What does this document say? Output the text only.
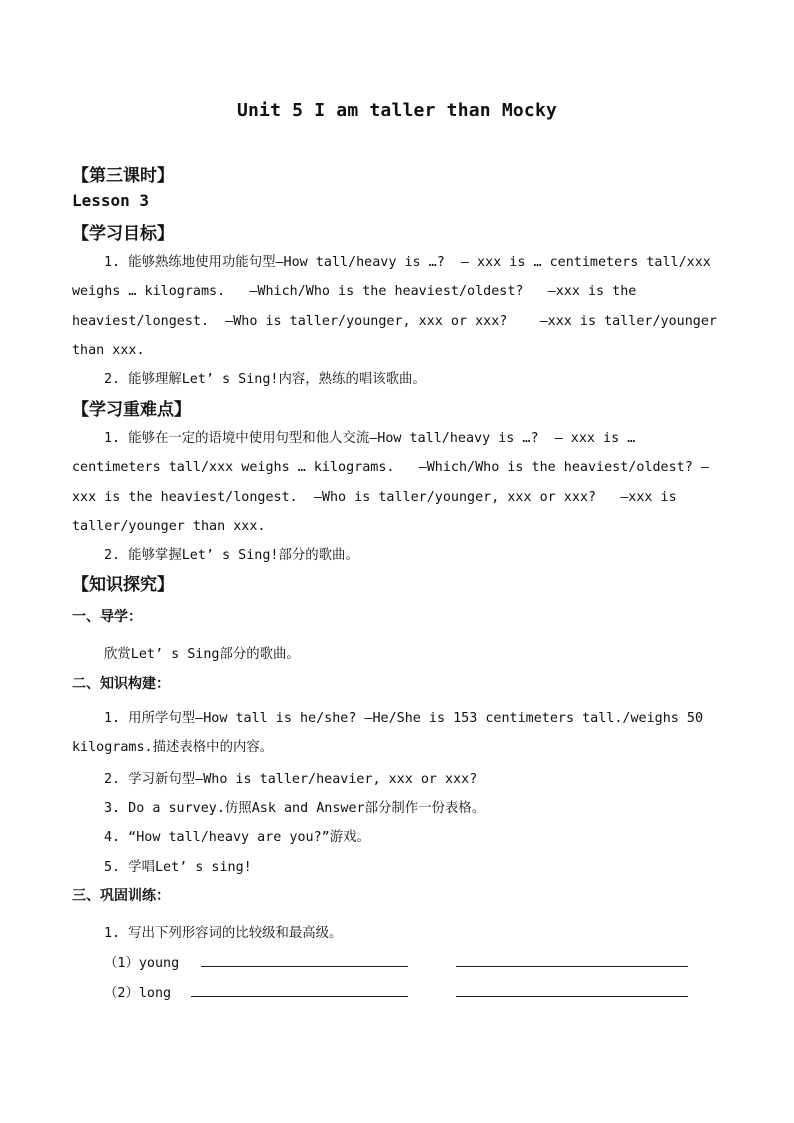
Unit 5 I am taller than Mocky
【第三课时】
Lesson 3
【学习目标】

1. 能够熟练地使用功能句型—How tall/heavy is …?  — xxx is … centimeters tall/xxx weighs … kilograms.   —Which/Who is the heaviest/oldest?   —xxx is the heaviest/longest.  —Who is taller/younger, xxx or xxx?    —xxx is taller/younger than xxx.

2. 能够理解Let’ s Sing!内容，熟练的唱该歌曲。

【学习重难点】

1. 能够在一定的语境中使用句型和他人交流—How tall/heavy is …?  — xxx is … centimeters tall/xxx weighs … kilograms.   —Which/Who is the heaviest/oldest? —xxx is the heaviest/longest.  —Who is taller/younger, xxx or xxx?   —xxx is taller/younger than xxx.

2. 能够掌握Let’ s Sing!部分的歌曲。

【知识探究】
一、导学：
欣赏Let’ s Sing部分的歌曲。
二、知识构建：

1. 用所学句型—How tall is he/she? —He/She is 153 centimeters tall./weighs 50 kilograms.描述表格中的内容。

2. 学习新句型—Who is taller/heavier, xxx or xxx?
3. Do a survey.仿照Ask and Answer部分制作一份表格。
4. “How tall/heavy are you?”游戏。
5. 学唱Let’ s sing!
三、巩固训练：
1. 写出下列形容词的比较级和最高级。
（1）young
（2）long
